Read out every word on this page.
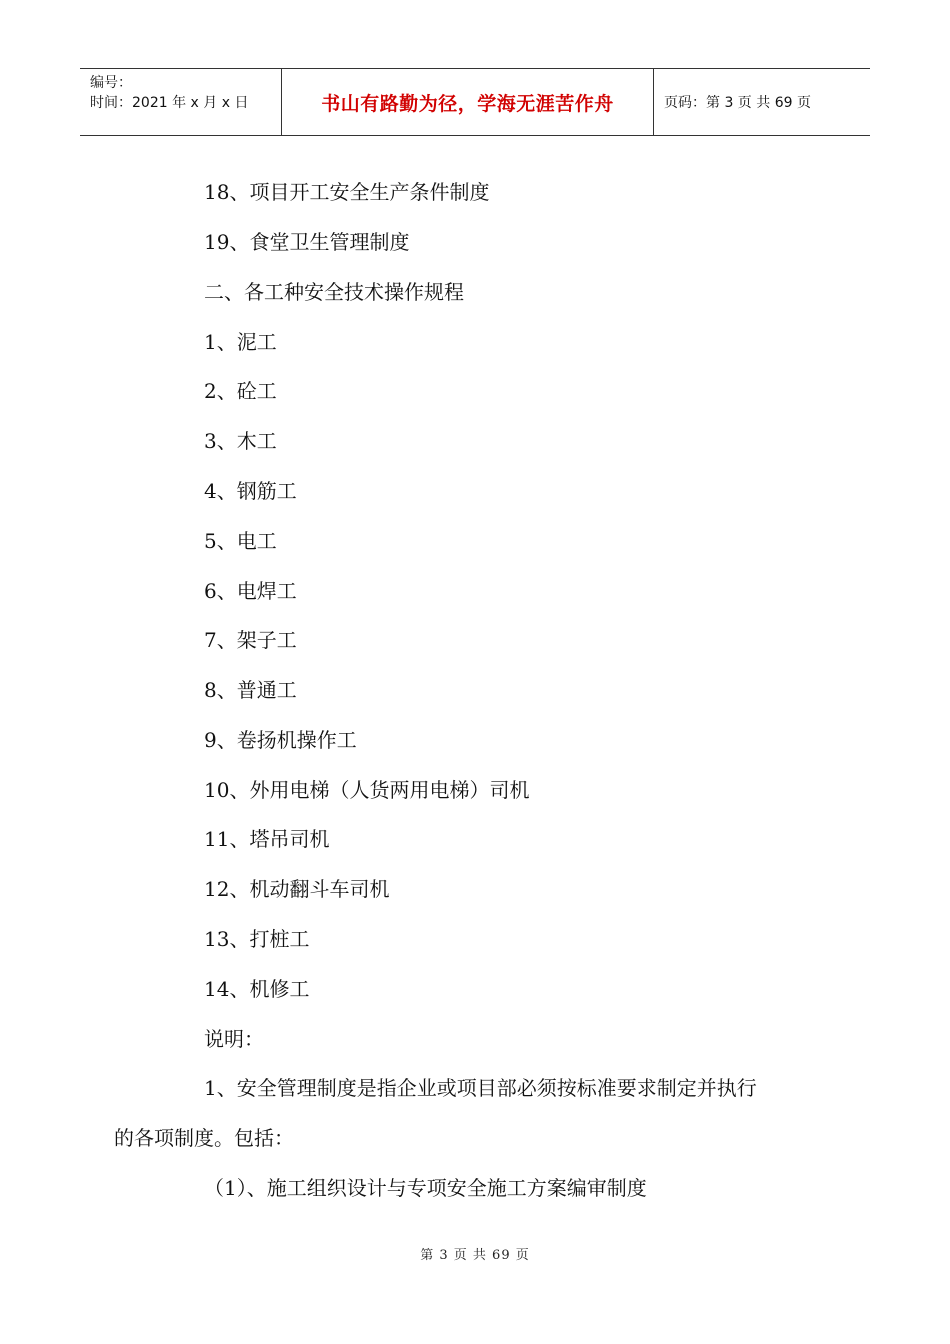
编号：
时间：2021 年 x 月 x 日	书山有路勤为径，学海无涯苦作舟	页码：第 3 页 共 69 页
18、项目开工安全生产条件制度
19、食堂卫生管理制度
二、各工种安全技术操作规程
1、泥工
2、砼工
3、木工
4、钢筋工
5、电工
6、电焊工
7、架子工
8、普通工
9、卷扬机操作工
10、外用电梯（人货两用电梯）司机
11、塔吊司机
12、机动翻斗车司机
13、打桩工
14、机修工
说明：
1、安全管理制度是指企业或项目部必须按标准要求制定并执行
的各项制度。包括：
（1）、施工组织设计与专项安全施工方案编审制度
第 3 页 共 69 页
